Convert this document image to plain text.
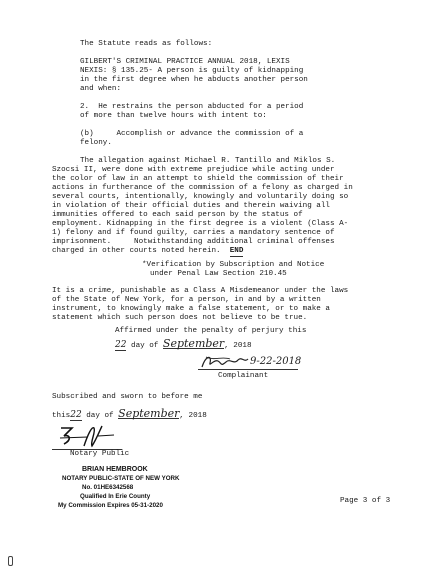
The Statute reads as follows:
GILBERT'S CRIMINAL PRACTICE ANNUAL 2018, LEXIS
NEXIS: § 135.25- A person is guilty of kidnapping
in the first degree when he abducts another person
and when:
2.  He restrains the person abducted for a period
of more than twelve hours with intent to:
(b)     Accomplish or advance the commission of a
felony.
The allegation against Michael R. Tantillo and Miklos S.
Szocsi II, were done with extreme prejudice while acting under
the color of law in an attempt to shield the commission of their
actions in furtherance of the commission of a felony as charged in
several courts, intentionally, knowingly and voluntarily doing so
in violation of their official duties and therein waiving all
immunities offered to each said person by the status of
employment. Kidnapping in the first degree is a violent (Class A-
1) felony and if found guilty, carries a mandatory sentence of
imprisonment.     Notwithstanding additional criminal offenses
charged in other courts noted herein. END
*Verification by Subscription and Notice
under Penal Law Section 210.45
It is a crime, punishable as a Class A Misdemeanor under the laws
of the State of New York, for a person, in and by a written
instrument, to knowingly make a false statement, or to make a
statement which such person does not believe to be true.
Affirmed under the penalty of perjury this
22 day of September, 2018
9-22-2018
Complainant
Subscribed and sworn to before me
this22 day of September, 2018
Notary Public
BRIAN HEMBROOK
NOTARY PUBLIC-STATE OF NEW YORK
No. 01HE6342568
Qualified In Erie County
My Commission Expires 05-31-2020
Page 3 of 3
